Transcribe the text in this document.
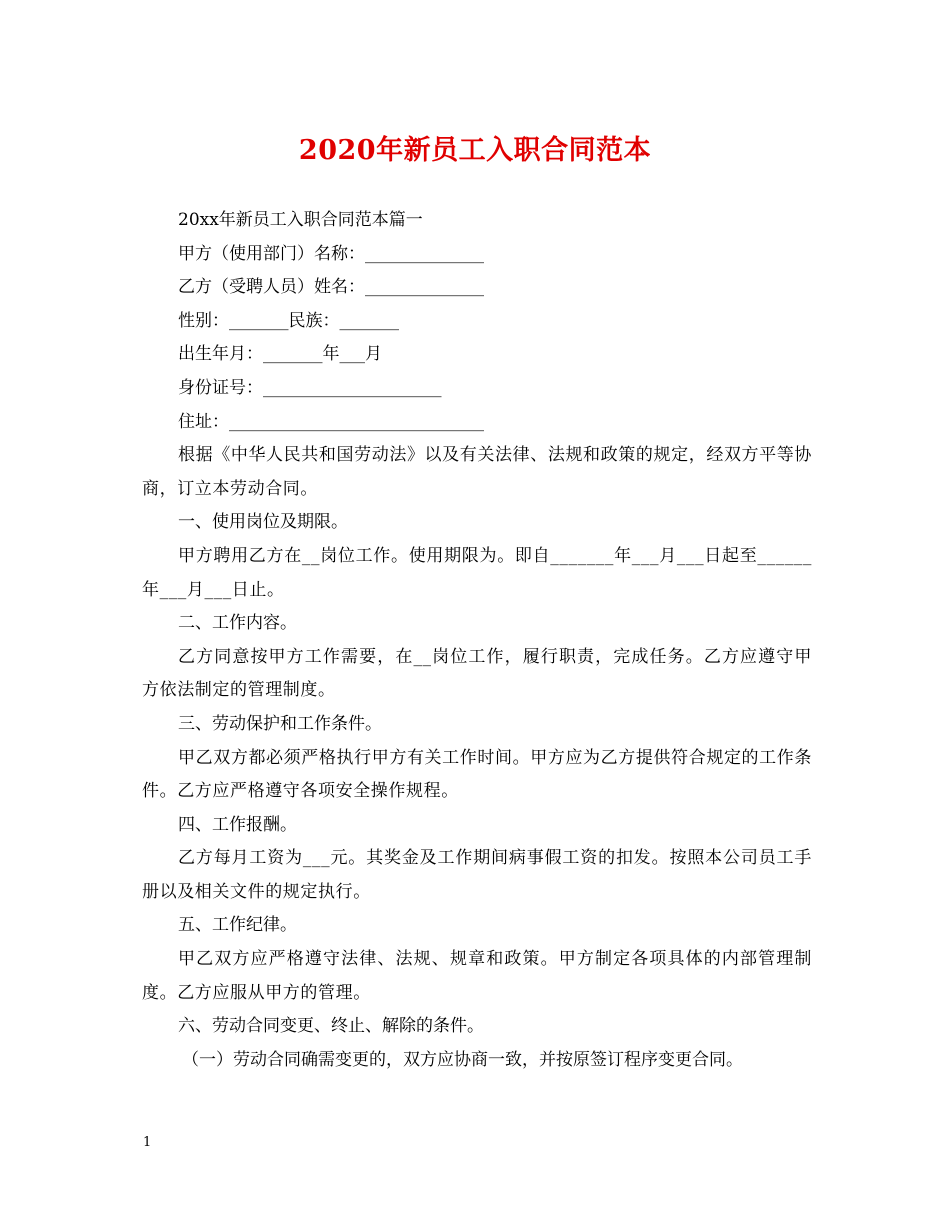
2020年新员工入职合同范本
20xx年新员工入职合同范本篇一
甲方（使用部门）名称：______________
乙方（受聘人员）姓名：______________
性别：_______民族：_______
出生年月：_______年___月
身份证号：_____________________
住址：______________________________
根据《中华人民共和国劳动法》以及有关法律、法规和政策的规定，经双方平等协商，订立本劳动合同。
一、使用岗位及期限。
甲方聘用乙方在__岗位工作。使用期限为。即自_______年___月___日起至______年___月___日止。
二、工作内容。
乙方同意按甲方工作需要，在__岗位工作，履行职责，完成任务。乙方应遵守甲方依法制定的管理制度。
三、劳动保护和工作条件。
甲乙双方都必须严格执行甲方有关工作时间。甲方应为乙方提供符合规定的工作条件。乙方应严格遵守各项安全操作规程。
四、工作报酬。
乙方每月工资为___元。其奖金及工作期间病事假工资的扣发。按照本公司员工手册以及相关文件的规定执行。
五、工作纪律。
甲乙双方应严格遵守法律、法规、规章和政策。甲方制定各项具体的内部管理制度。乙方应服从甲方的管理。
六、劳动合同变更、终止、解除的条件。
（一）劳动合同确需变更的，双方应协商一致，并按原签订程序变更合同。
1
